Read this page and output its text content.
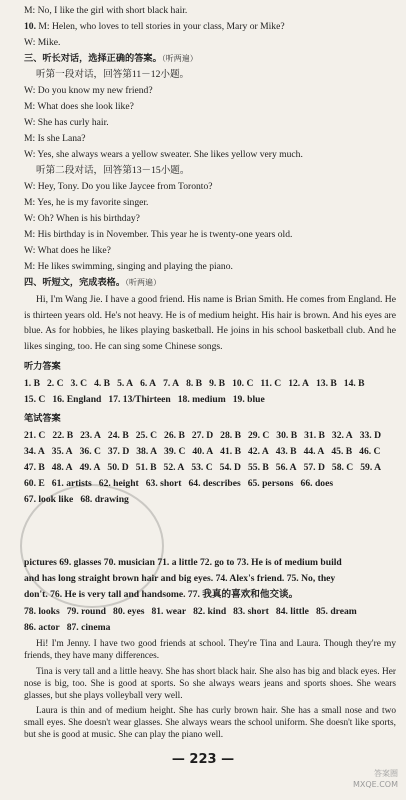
M: No, I like the girl with short black hair.
10. M: Helen, who loves to tell stories in your class, Mary or Mike?
W: Mike.
三、听长对话，选择正确的答案。（听两遍）
听第一段对话，回答第11－12小题。
W: Do you know my new friend?
M: What does she look like?
W: She has curly hair.
M: Is she Lana?
W: Yes, she always wears a yellow sweater. She likes yellow very much.
听第二段对话，回答第13－15小题。
W: Hey, Tony. Do you like Jaycee from Toronto?
M: Yes, he is my favorite singer.
W: Oh? When is his birthday?
M: His birthday is in November. This year he is twenty-one years old.
W: What does he like?
M: He likes swimming, singing and playing the piano.
四、听短文，完成表格。（听两遍）
Hi, I'm Wang Jie. I have a good friend. His name is Brian Smith. He comes from England. He is thirteen years old. He's not heavy. He is of medium height. His hair is brown. And his eyes are blue. As for hobbies, he likes playing basketball. He joins in his school basketball club. And he likes singing, too. He can sing some Chinese songs.
听力答案
1. B 2. C 3. C 4. B 5. A 6. A 7. A 8. B 9. B 10. C 11. C 12. A 13. B 14. B15. C 16. England 17. 13/Thirteen 18. medium 19. blue
笔试答案
21. C 22. B 23. A 24. B 25. C 26. B 27. D 28. B 29. C 30. B 31. B 32. A 33. D34. A 35. A 36. C 37. D 38. A 39. C 40. A 41. B 42. A 43. B 44. A 45. B 46. C47. B 48. A 49. A 50. D 51. B 52. A 53. C 54. D 55. B 56. A 57. D 58. C 59. A60. E 61. artists 62. height 63. short 64. describes 65. persons 66. does67. look like 68. drawing
pictures 69. glasses 70. musician 71. a little 72. go to 73. He is of medium build
and has long straight brown hair and big eyes. 74. Alex's friend. 75. No, they
don't. 76. He is very tall and handsome. 77. 我真的喜欢和他交谈。
78. looks 79. round 80. eyes 81. wear 82. kind 83. short 84. little 85. dream86. actor 87. cinema
Hi! I'm Jenny. I have two good friends at school. They're Tina and Laura. Though they're my friends, they have many differences.
Tina is very tall and a little heavy. She has short black hair. She also has big and black eyes. Her nose is big, too. She is good at sports. So she always wears jeans and sports shoes. She wears glasses, but she plays volleyball very well.
Laura is thin and of medium height. She has curly brown hair. She has a small nose and two small eyes. She doesn't wear glasses. She always wears the school uniform. She doesn't like sports, but she is good at music. She can play the piano well.
— 223 —
答案圈
MXQE.COM
